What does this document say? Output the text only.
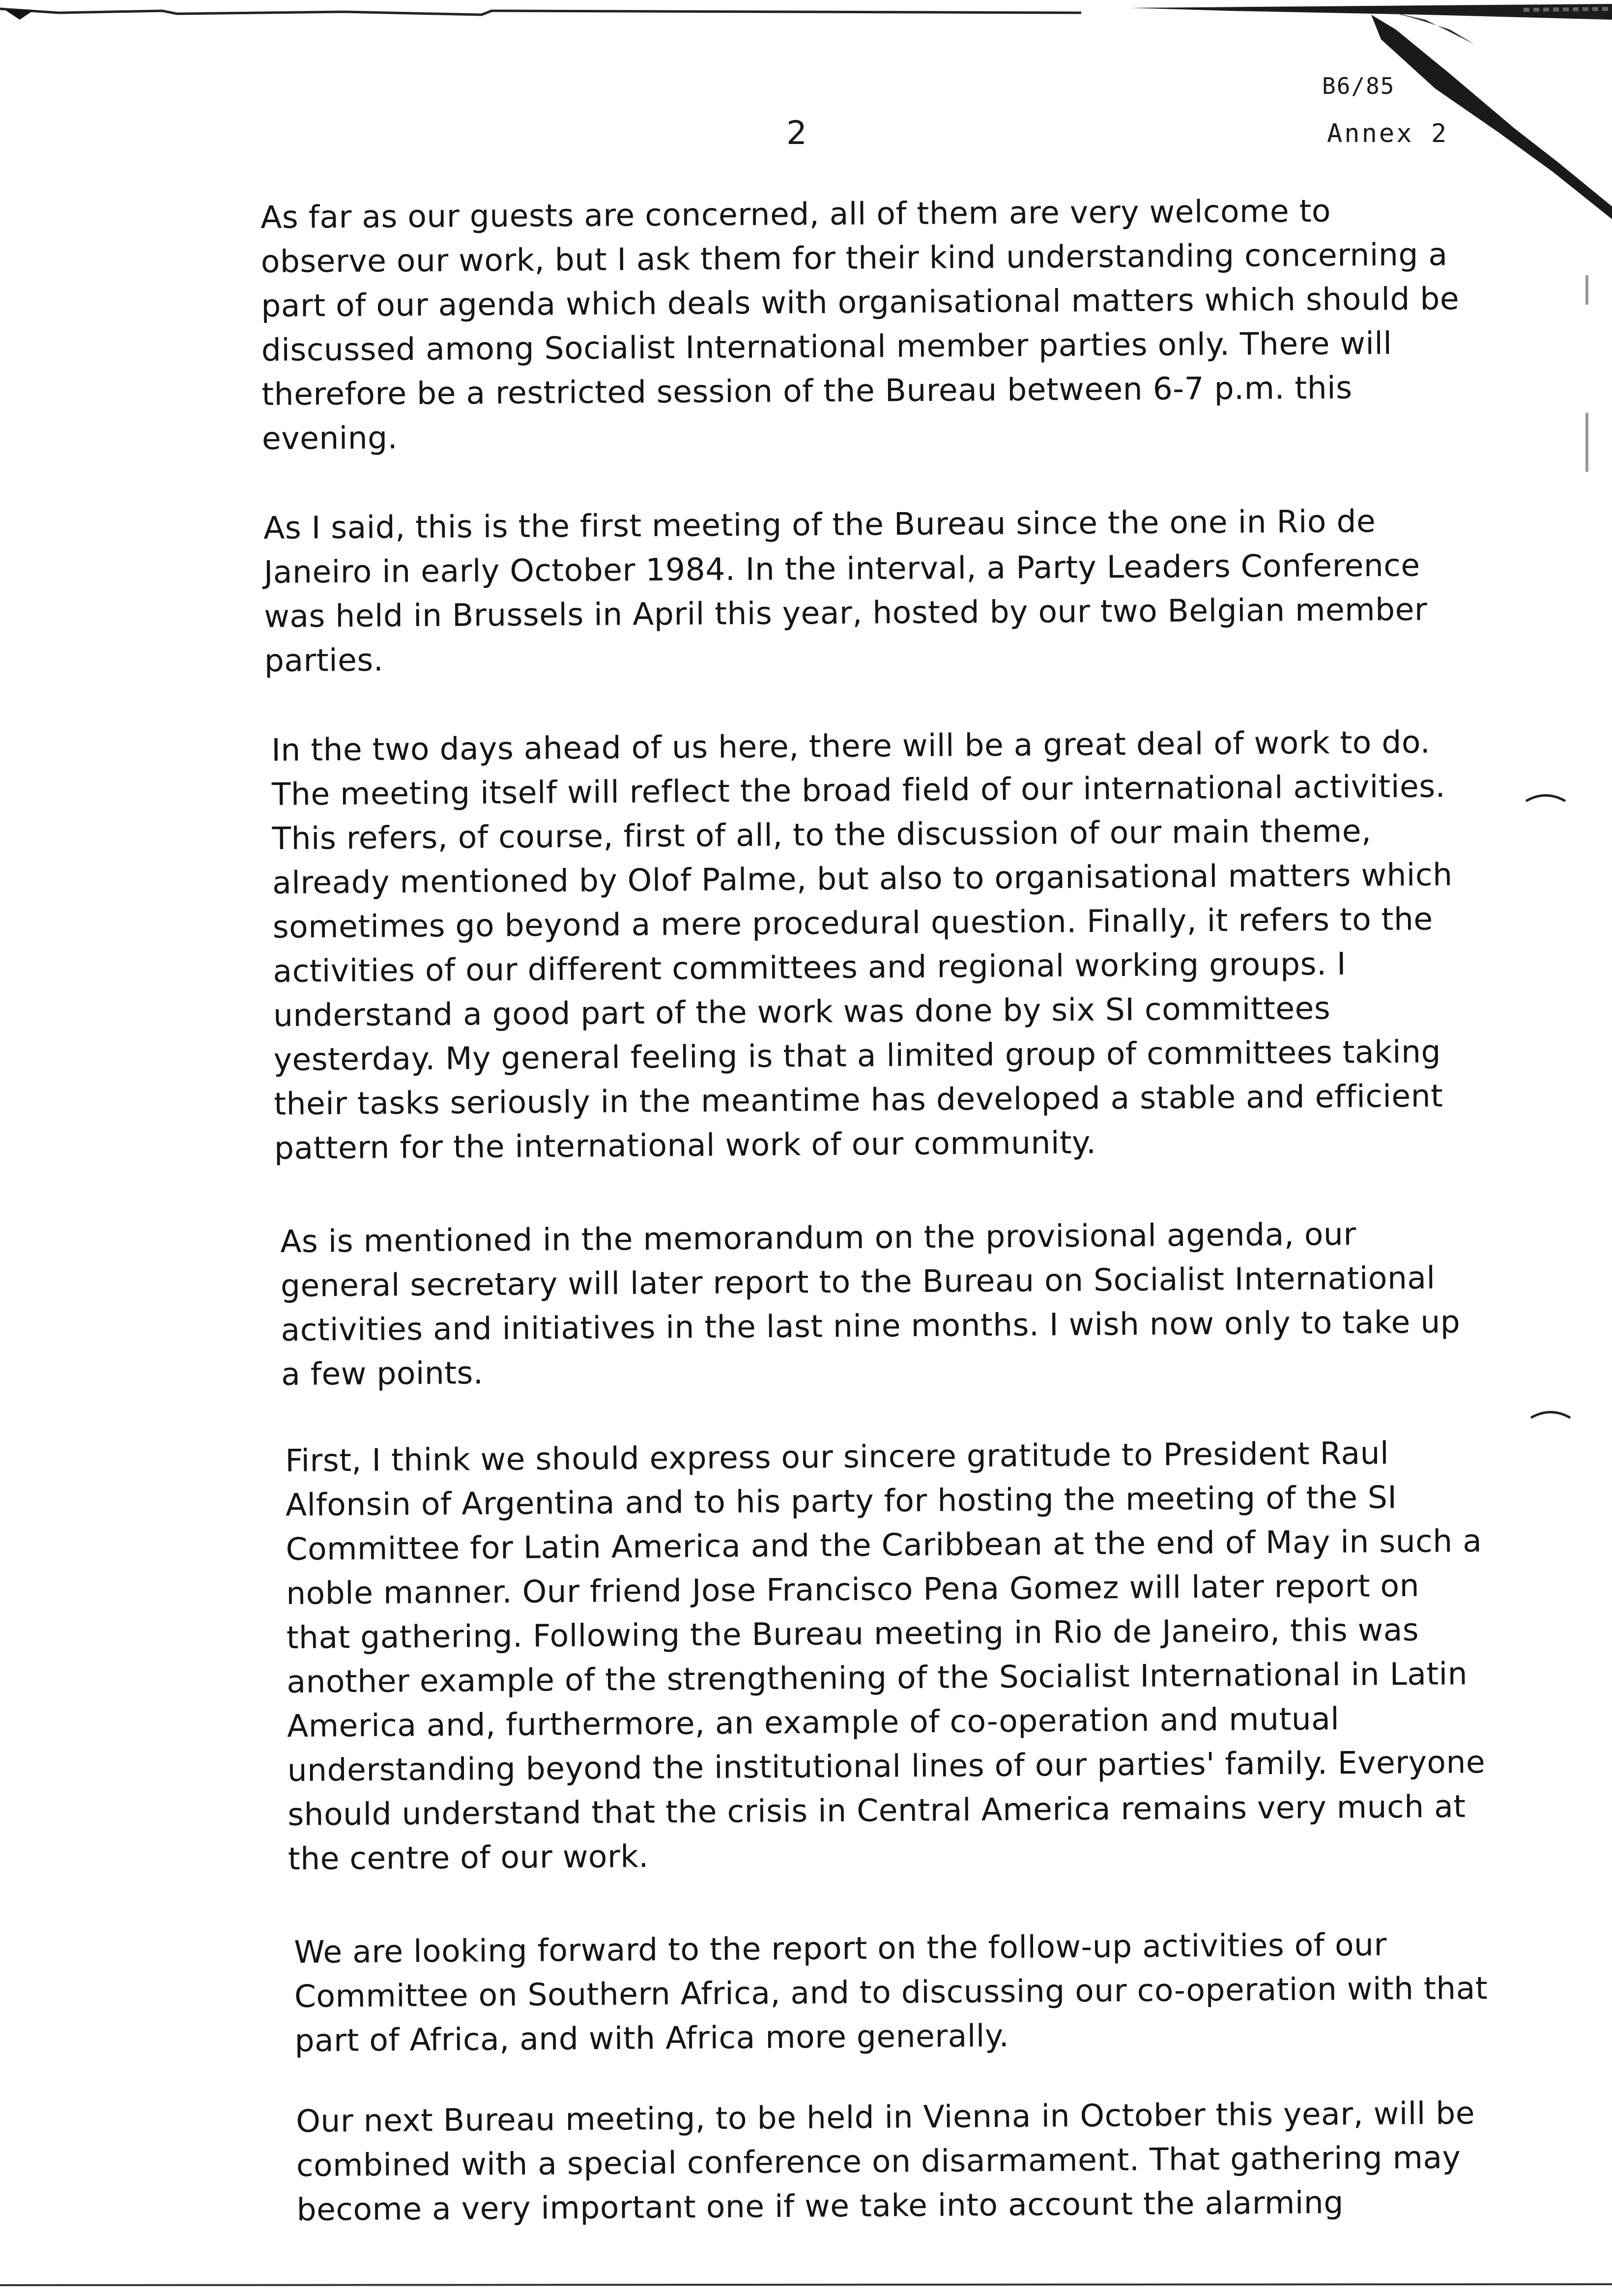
B6/85
Annex 2
2

As far as our guests are concerned, all of them are very welcome to observe our work, but I ask them for their kind understanding concerning a part of our agenda which deals with organisational matters which should be discussed among Socialist International member parties only. There will therefore be a restricted session of the Bureau between 6-7 p.m. this evening.

As I said, this is the first meeting of the Bureau since the one in Rio de Janeiro in early October 1984. In the interval, a Party Leaders Conference was held in Brussels in April this year, hosted by our two Belgian member parties.

In the two days ahead of us here, there will be a great deal of work to do. The meeting itself will reflect the broad field of our international activities. This refers, of course, first of all, to the discussion of our main theme, already mentioned by Olof Palme, but also to organisational matters which sometimes go beyond a mere procedural question. Finally, it refers to the activities of our different committees and regional working groups. I understand a good part of the work was done by six SI committees yesterday. My general feeling is that a limited group of committees taking their tasks seriously in the meantime has developed a stable and efficient pattern for the international work of our community.

As is mentioned in the memorandum on the provisional agenda, our general secretary will later report to the Bureau on Socialist International activities and initiatives in the last nine months. I wish now only to take up a few points.

First, I think we should express our sincere gratitude to President Raul Alfonsin of Argentina and to his party for hosting the meeting of the SI Committee for Latin America and the Caribbean at the end of May in such a noble manner. Our friend Jose Francisco Pena Gomez will later report on that gathering. Following the Bureau meeting in Rio de Janeiro, this was another example of the strengthening of the Socialist International in Latin America and, furthermore, an example of co-operation and mutual understanding beyond the institutional lines of our parties' family. Everyone should understand that the crisis in Central America remains very much at the centre of our work.

We are looking forward to the report on the follow-up activities of our Committee on Southern Africa, and to discussing our co-operation with that part of Africa, and with Africa more generally.

Our next Bureau meeting, to be held in Vienna in October this year, will be combined with a special conference on disarmament. That gathering may become a very important one if we take into account the alarming
